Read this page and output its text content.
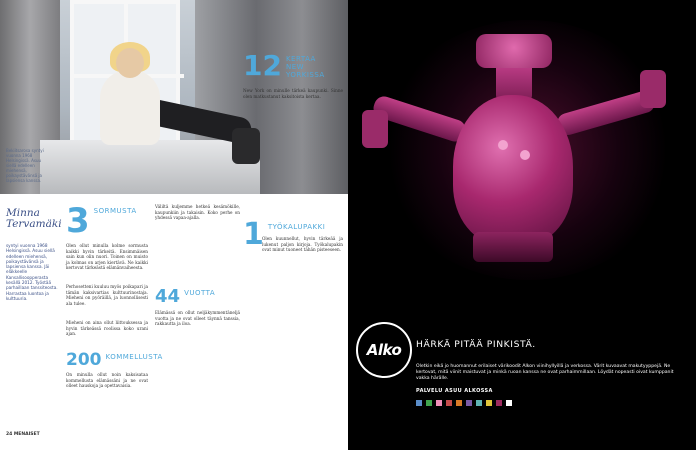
Bekiitsarosa syntyi vuonna 1968 Helsingissä. Asuu siellä edelleen miehensä, poikaystävänsä ja lapsiensa kanssa.
Minna Tervamäki
syntyi vuonna 1968 Helsingissä. Asuu siellä edelleen miehensä, poikaystävänsä ja lapsiensa kanssa. Jäi eläkkeelle Kansallisoopperasta kesällä 2012. Työstää parhaillaan tanssiteosta. Harrastaa luontoa ja kulttuuria.
3 SORMUSTA
Olen ollut minulla kolme sormusta kaikki hyvin tärkeitä. Ensimmäisen sain kun olin nuori. Toinen on muisto ja kolmas on arjen kiertävä. Ne kaikki kertovat tärkeästä elämänvaiheesta.
Perhosetteni kuuluu myös poikapari ja tämän kaksivartias kulttuurinostaja. Mieheni on pyöräillä, ja luonnollisesti ala tulee.
Mieheni on aina ollut liittouksessa ja hyvin tärkeässä roolissa koko urani ajan.
200 KOMMELLUSTA
On minulla ollut noin kaksisataa kommellusta elämässäni ja ne ovat olleet hauskoja ja opettavaisia.
Väliltä kuljemme hetkeä kesämökille, kaupunkiin ja takaisin. Koko perhe on yhdessä vapaa-ajalla.
44 VUOTTA
Elämässä on ollut neljäkymmentäneljä vuotta ja ne ovat olleet täynnä tanssia, rakkautta ja iloa.
12 KERTAA NEW YORKISSA
New York on minulle tärkeä kaupunki. Sinne olen matkustanut kaksitoista kertaa.
1 TYÖKALUPAKKI
Olen kuunnellut, hyvin tärkeää ja lukenut paljon kirjoja. Työkalupakin ovat minut tuoneet tähän pisteeseen.
24 MENAISET
Alko HÄRKÄ PITÄÄ PINKISTÄ.
Oletkin eikä jo huomannut erilaiset värikoodit Alkon viinihyllyillä ja verkossa. Värit kuvaavat makutyyppejä. Ne kertovat, mitä viinit maistuvat ja minkä ruoan kanssa ne ovat parhaimmillaan. Löydät nopeasti oivat kumppanit vakka härälle.
PALVELU ASUU ALKOSSA
